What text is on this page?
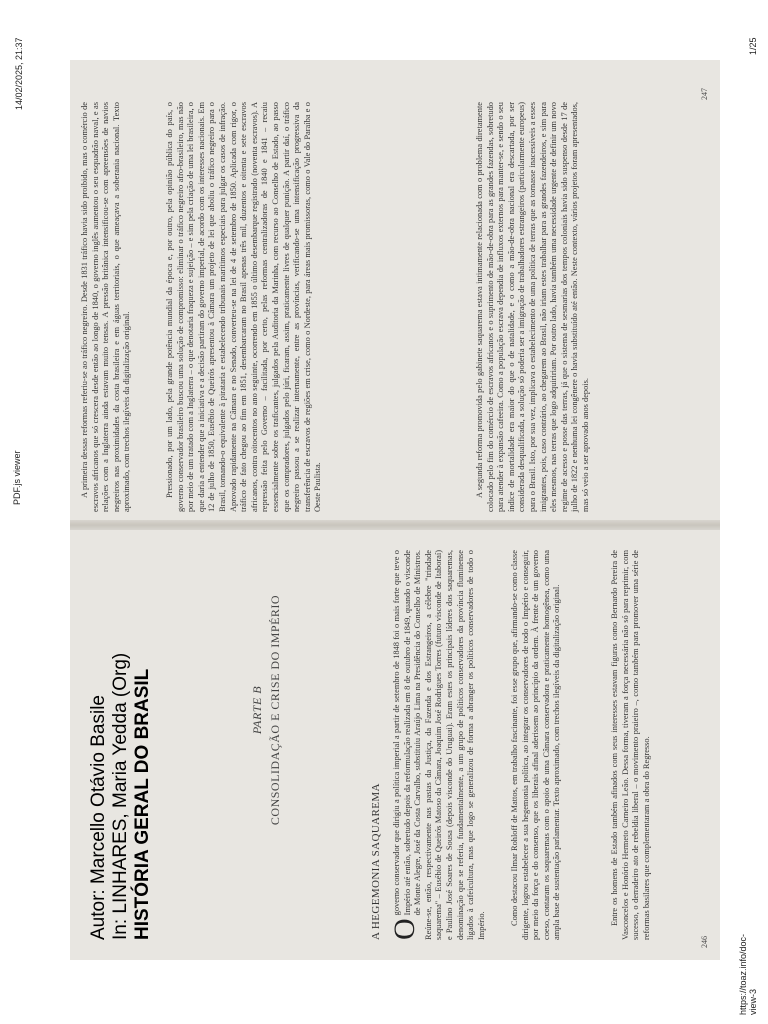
14/02/2025, 21:37
PDF.js viewer
1/25
https://toaz.info/doc-view-3
Autor: Marcello Otávio Basile In: LINHARES, Maria Yedda (Org) HISTÓRIA GERAL DO BRASIL	PARTE B CONSOLIDAÇÃO E CRISE DO IMPÉRIO
A HEGEMONIA SAQUAREMA O
governo conservador que dirigiu a política imperial a partir de setembro de 1848 foi o mais forte que teve o Império até então, sobretudo depois da reformulação realizada em 8 de outubro de 1849, quando o visconde de Monte Alegre, José da Costa Carvalho, substituiu Araújo Lima na Presidência do Conselho de Ministros. Reúne-se, então, respectivamente nas pastas da Justiça, da Fazenda e dos Estrangeiros, a célebre "trindade saquarema" – Eusébio de Queirós Matoso da Câmara, Joaquim José Rodrigues Torres (futuro visconde de Itaboraí) e Paulino José Soares de Sousa (depois visconde do Uruguai). Eram estes os principais líderes dos saquaremas, denominação que se referia, fundamentalmente, a um grupo de políticos conservadores da província fluminense ligados à cafeicultura, mas que logo se generalizou de forma a abranger os políticos conservadores de todo o Império.	Como destacou Ilmar Rohloff de Mattos, em trabalho fascinante, foi esse grupo que, afirmando-se como classe dirigente, logrou estabelecer a sua hegemonia política, ao integrar os conservadores de todo o Império e conseguir, por meio da força e do consenso, que os liberais afinal aderissem ao princípio da ordem. À frente de um governo coeso, contaram os saquaremas com o apoio de uma Câmara conservadora e praticamente homogênea, como uma ampla base de sustentação parlamentar. Texto aproximado, com trechos ilegíveis da digitalização original.	Entre os homens de Estado também afinados com seus interesses estavam figuras como Bernardo Pereira de Vasconcelos e Honório Hermeto Carneiro Leão. Dessa forma, tiveram a força necessária não só para reprimir, com sucesso, o derradeiro ato de rebeldia liberal – o movimento praieiro –, como também para promover uma série de reformas basilares que complementaram a obra do Regresso.
246
A primeira dessas reformas referiu-se ao tráfico negreiro. Desde 1831 tráfico havia sido proibido, mas o comércio de escravos africanos que só crescera desde então ao longo de 1840, o governo inglês aumentou o seu esquadrão naval, e as relações com a Inglaterra ainda estavam muito tensas. A pressão britânica intensificou-se com apreensões de navios negreiros nas proximidades da costa brasileira e em águas territoriais, o que ameaçava a soberania nacional. Texto aproximado, com trechos ilegíveis da digitalização original.	Pressionado, por um lado, pela grande potência mundial da época e, por outro, pela opinião pública do país, o governo conservador brasileiro buscou uma solução de compromisso: eliminar o tráfico negreiro afro-brasileiro, mas não por meio de um tratado com a Inglaterra – o que denotaria fraqueza e sujeição – e sim pela criação de uma lei brasileira, o que daria a entender que a iniciativa e a decisão partiram do governo imperial, de acordo com os interesses nacionais. Em 12 de julho de 1850, Eusébio de Queirós apresentou à Câmara um projeto de lei que aboliu o tráfico negreiro para o Brasil, tornando-o equivalente à pirataria e estabelecendo tribunais marítimos especiais para julgar os casos de infração. Aprovado rapidamente na Câmara e no Senado, converteu-se na lei de 4 de setembro de 1850. Aplicada com rigor, o tráfico de fato chegou ao fim em 1851, desembarcaram no Brasil apenas três mil, duzentos e oitenta e sete escravos africanos, contra oitocentos no ano seguinte, ocorrendo em 1855 o último desembarque registrado (noventa escravos). A repressão feita pelo Governo – facilitada, por certo, pelas reformas centralizadoras de 1840 e 1841 – recaiu essencialmente sobre os traficantes, julgados pela Auditoria da Marinha, com recurso ao Conselho de Estado, ao passo que os compradores, julgados pelo júri, ficaram, assim, praticamente livres de qualquer punição. A partir daí, o tráfico negreiro passou a se realizar internamente, entre as províncias, verificando-se uma intensificação progressiva da transferência de escravos de regiões em crise, como o Nordeste, para áreas mais promissoras, como o Vale do Paraíba e o Oeste Paulista.	A segunda reforma promovida pelo gabinete saquarema estava intimamente relacionada com o problema diretamente colocado pelo fim do comércio de escravos africanos e o suprimento de mão-de-obra para as grandes fazendas, sobretudo para atender à expansão cafeeira. Como a população escrava dependia de influxos externos para manter-se, e sendo o seu índice de mortalidade era maior do que o de natalidade, e o como a mão-de-obra nacional era descartada, por ser considerada desqualificada, a solução só poderia ser a imigração de trabalhadores estrangeiros (particularmente europeus) para o Brasil. Isto, por sua vez, implicava o estabelecimento de uma política de terras que as tornasse inacessíveis a esses imigrantes, pois, caso contrário, ao chegarem ao Brasil, não iriam estes trabalhar para as grandes fazendeiros, e sim para eles mesmos, nas terras que logo adquiririam. Por outro lado, havia também uma necessidade urgente de definir um novo regime de acesso e posse das terras, já que o sistema de sesmarias dos tempos coloniais havia sido suspenso desde 17 de julho de 1822 e nenhuma lei congênere o havia substituído até então. Neste contexto, vários projetos foram apresentados, mas só veio a ser aprovado anos depois.
247
